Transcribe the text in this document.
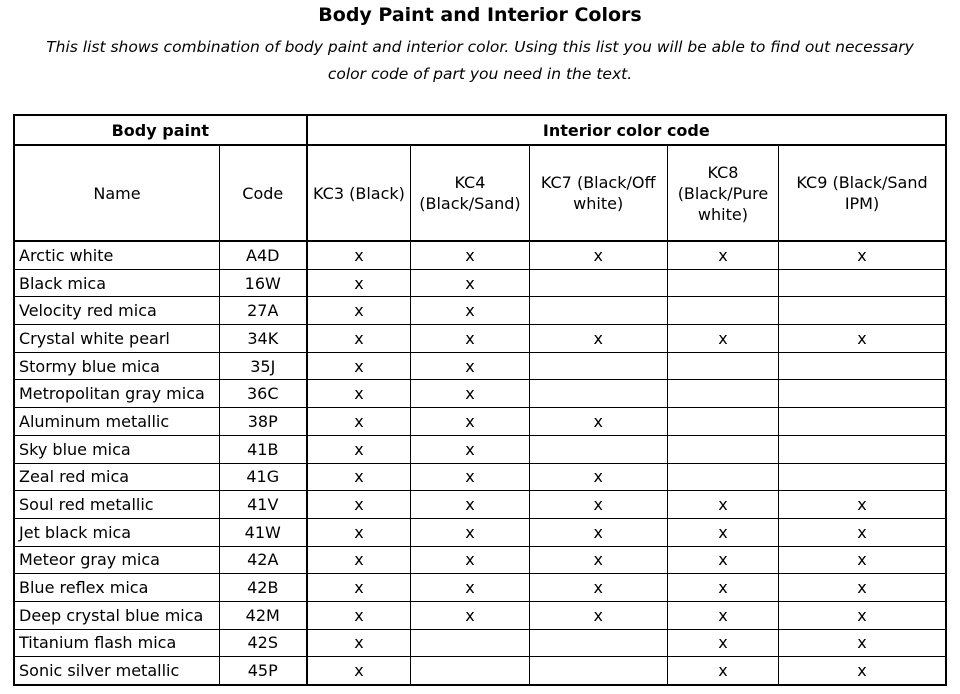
Body Paint and Interior Colors
This list shows combination of body paint and interior color. Using this list you will be able to find out necessary color code of part you need in the text.
Body paint		Interior color code				
Name	Code	KC3 (Black)	KC4 (Black/Sand)	KC7 (Black/Off white)	KC8 (Black/Pure white)	KC9 (Black/Sand IPM)
Arctic white	A4D	x	x	x	x	x
Black mica	16W	x	x			
Velocity red mica	27A	x	x			
Crystal white pearl	34K	x	x	x	x	x
Stormy blue mica	35J	x	x			
Metropolitan gray mica	36C	x	x			
Aluminum metallic	38P	x	x	x		
Sky blue mica	41B	x	x			
Zeal red mica	41G	x	x	x		
Soul red metallic	41V	x	x	x	x	x
Jet black mica	41W	x	x	x	x	x
Meteor gray mica	42A	x	x	x	x	x
Blue reflex mica	42B	x	x	x	x	x
Deep crystal blue mica	42M	x	x	x	x	x
Titanium flash mica	42S	x			x	x
Sonic silver metallic	45P	x			x	x
